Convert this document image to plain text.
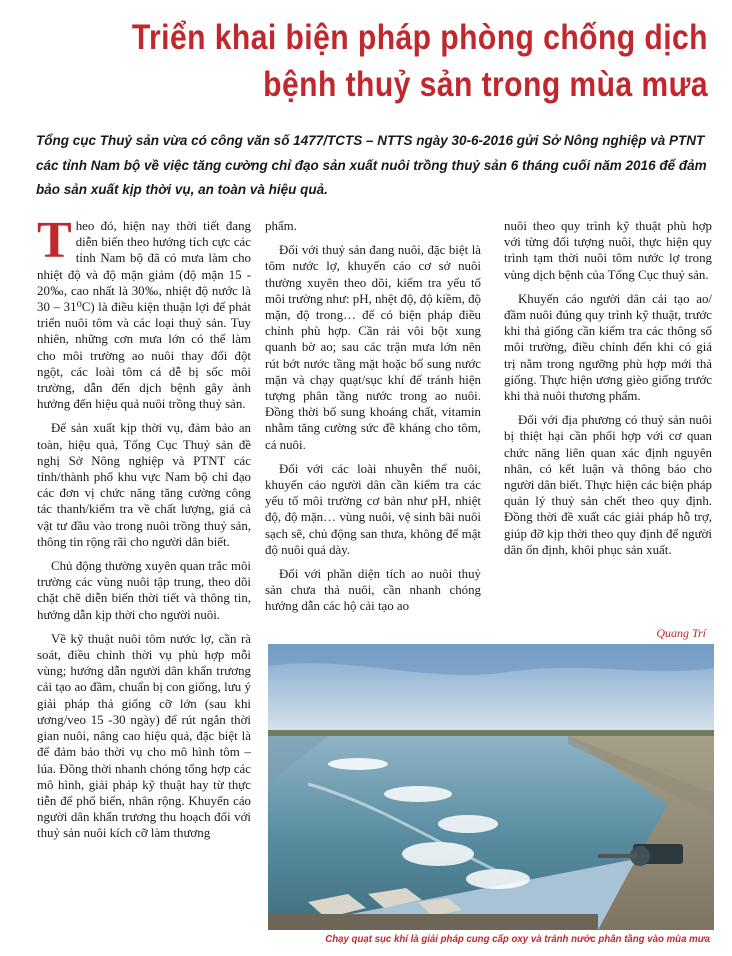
Triển khai biện pháp phòng chống dịch
bệnh thuỷ sản trong mùa mưa
Tổng cục Thuỷ sản vừa có công văn số 1477/TCTS – NTTS ngày 30-6-2016 gửi Sở Nông nghiệp và PTNT các tỉnh Nam bộ về việc tăng cường chỉ đạo sản xuất nuôi trồng thuỷ sản 6 tháng cuối năm 2016 để đảm bảo sản xuất kịp thời vụ, an toàn và hiệu quả.

Theo đó, hiện nay thời tiết đang diễn biến theo hướng tích cực các tỉnh Nam bộ đã có mưa làm cho nhiệt độ và độ mặn giảm (độ mặn 15 - 20‰, cao nhất là 30‰, nhiệt độ nước là 30 – 31⁰C) là điều kiện thuận lợi để phát triển nuôi tôm và các loại thuỷ sản. Tuy nhiên, những cơn mưa lớn có thể làm cho môi trường ao nuôi thay đổi đột ngột, các loài tôm cá dễ bị sốc môi trường, dẫn đến dịch bệnh gây ảnh hưởng đến hiệu quả nuôi trồng thuỷ sản.

Để sản xuất kịp thời vụ, đảm bảo an toàn, hiệu quả, Tổng Cục Thuỷ sản đề nghị Sở Nông nghiệp và PTNT các tỉnh/thành phố khu vực Nam bộ chỉ đạo các đơn vị chức năng tăng cường công tác thanh/kiểm tra về chất lượng, giá cả vật tư đầu vào trong nuôi trồng thuỷ sản, thông tin rộng rãi cho người dân biết.

Chủ động thường xuyên quan trắc môi trường các vùng nuôi tập trung, theo dõi chặt chẽ diễn biến thời tiết và thông tin, hướng dẫn kịp thời cho người nuôi.

Về kỹ thuật nuôi tôm nước lợ, cần rà soát, điều chỉnh thời vụ phù hợp mỗi vùng; hướng dẫn người dân khẩn trương cải tạo ao đầm, chuẩn bị con giống, lưu ý giải pháp thả giống cỡ lớn (sau khi ương/veo 15 -30 ngày) để rút ngắn thời gian nuôi, nâng cao hiệu quả, đặc biệt là để đảm bảo thời vụ cho mô hình tôm – lúa. Đồng thời nhanh chóng tổng hợp các mô hình, giải pháp kỹ thuật hay từ thực tiễn để phổ biến, nhân rộng. Khuyến cáo người dân khẩn trương thu hoạch đối với thuỷ sản nuôi kích cỡ làm thương

phẩm.

Đối với thuỷ sản đang nuôi, đặc biệt là tôm nước lợ, khuyến cáo cơ sở nuôi thường xuyên theo dõi, kiểm tra yếu tố môi trường như: pH, nhệt độ, độ kiềm, độ mặn, độ trong… để có biện pháp điều chỉnh phù hợp. Cần rải vôi bột xung quanh bờ ao; sau các trận mưa lớn nên rút bớt nước tầng mặt hoặc bổ sung nước mặn và chạy quạt/sục khí để tránh hiện tượng phân tầng nước trong ao nuôi. Đồng thời bổ sung khoáng chất, vitamin nhằm tăng cường sức đề kháng cho tôm, cá nuôi.

Đối với các loài nhuyễn thể nuôi, khuyến cáo người dân cần kiểm tra các yếu tố môi trường cơ bản như pH, nhiệt độ, độ mặn… vùng nuôi, vệ sinh bãi nuôi sạch sẽ, chủ động san thưa, không để mật độ nuôi quá dày.

Đối với phần diện tích ao nuôi thuỷ sản chưa thả nuôi, cần nhanh chóng hướng dẫn các hộ cải tạo ao

nuôi theo quy trình kỹ thuật phù hợp với từng đối tượng nuôi, thực hiện quy trình tạm thời nuôi tôm nước lợ trong vùng dịch bệnh của Tổng Cục thuỷ sản.

Khuyến cáo người dân cải tạo ao/đầm nuôi đúng quy trình kỹ thuật, trước khi thả giống cần kiểm tra các thông số môi trường, điều chỉnh đến khi có giá trị nằm trong ngưỡng phù hợp mới thả giống. Thực hiện ương gièo giống trước khi thả nuôi thương phẩm.

Đối với địa phương có thuỷ sản nuôi bị thiệt hại cần phối hợp với cơ quan chức năng liên quan xác định nguyên nhân, có kết luận và thông báo cho người dân biết. Thực hiện các biện pháp quản lý thuỷ sản chết theo quy định. Đồng thời đề xuất các giải pháp hỗ trợ, giúp đỡ kịp thời theo quy định để người dân ổn định, khôi phục sản xuất.

Quang Trí
Chạy quạt sục khí là giải pháp cung cấp oxy và tránh nước phân tầng vào mùa mưa
